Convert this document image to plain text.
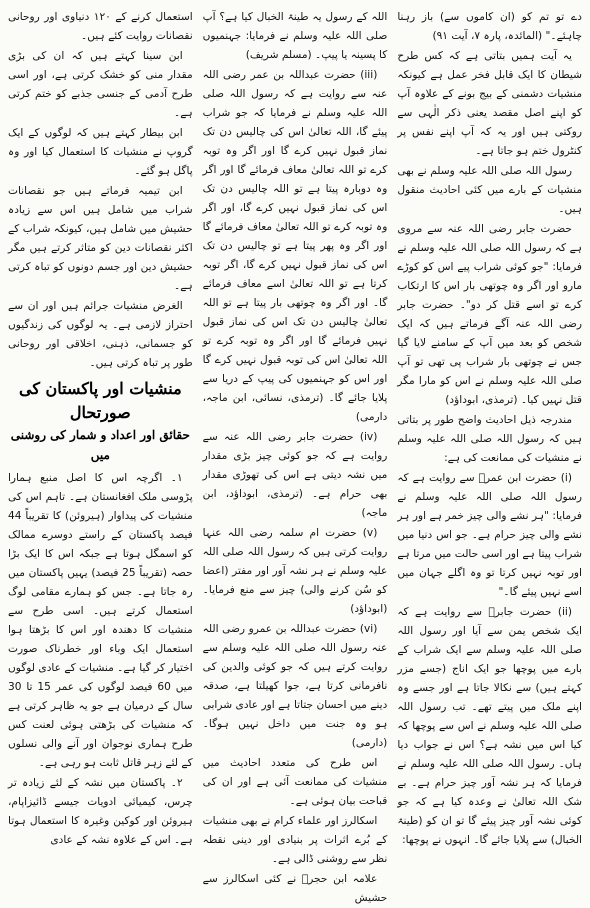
دے تو تم کو (ان کاموں سے) باز رہنا چاہئے۔" (المائدہ، پارہ ۷، آیت ۹۱)

یہ آیت ہمیں بتاتی ہے کہ کس طرح شیطان کا ایک قابل فخر عمل ہے کیونکہ منشیات دشمنی کے بیج بونے کے علاوہ آپ کو اپنے اصل مقصد یعنی ذکر الٰہی سے روکتی ہیں اور یہ کہ آپ اپنے نفس پر کنٹرول ختم ہو جاتا ہے۔

رسول اللہ صلی اللہ علیہ وسلم نے بھی منشیات کے بارے میں کئی احادیث منقول ہیں۔

حضرت جابر رضی اللہ عنہ سے مروی ہے کہ رسول اللہ صلی اللہ علیہ وسلم نے فرمایا: "جو کوئی شراب پیے اس کو کوڑے مارو اور اگر وہ چوتھی بار اس کا ارتکاب کرے تو اسے قتل کر دو"۔ حضرت جابر رضی اللہ عنہ آگے فرماتے ہیں کہ ایک شخص کو بعد میں آپ کے سامنے لایا گیا جس نے چوتھی بار شراب پی تھی تو آپ صلی اللہ علیہ وسلم نے اس کو مارا مگر قتل نہیں کیا۔ (ترمذی، ابوداؤد)

مندرجہ ذیل احادیث واضح طور پر بتاتی ہیں کہ رسول اللہ صلی اللہ علیہ وسلم نے منشیات کی ممانعت کی ہے:

(i) حضرت ابن عمرؓ سے روایت ہے کہ رسول اللہ صلی اللہ علیہ وسلم نے فرمایا: "ہر نشے والی چیز خمر ہے اور ہر نشے والی چیز حرام ہے۔ جو اس دنیا میں شراب پیتا ہے اور اسی حالت میں مرتا ہے اور توبہ نہیں کرتا تو وہ اگلے جہان میں اسے نہیں پیئے گا۔"

(ii) حضرت جابرؓ سے روایت ہے کہ ایک شخص یمن سے آیا اور رسول اللہ صلی اللہ علیہ وسلم سے ایک شراب کے بارے میں پوچھا جو ایک اناج (جسے مزر کہتے ہیں) سے نکالا جاتا ہے اور جسے وہ اپنے ملک میں پیتے تھے۔ تب رسول اللہ صلی اللہ علیہ وسلم نے اس سے پوچھا کہ کیا اس میں نشہ ہے؟ اس نے جواب دیا ہاں۔ رسول اللہ صلی اللہ علیہ وسلم نے فرمایا کہ ہر نشہ آور چیز حرام ہے۔ بے شک اللہ تعالیٰ نے وعدہ کیا ہے کہ جو کوئی نشہ آور چیز پیئے گا تو ان کو (طینۃ الخبال) سے پلایا جائے گا۔ انہوں نے پوچھا:

اللہ کے رسول یہ طینۃ الخبال کیا ہے؟ آپ صلی اللہ علیہ وسلم نے فرمایا: جہنمیوں کا پسینہ یا پیپ۔ (مسلم شریف)

(iii) حضرت عبداللہ بن عمر رضی اللہ عنہ سے روایت ہے کہ رسول اللہ صلی اللہ علیہ وسلم نے فرمایا کہ جو شراب پیئے گا، اللہ تعالیٰ اس کی چالیس دن تک نماز قبول نہیں کرے گا اور اگر وہ توبہ کرے تو اللہ تعالیٰ معاف فرمائے گا اور اگر وہ دوبارہ پیتا ہے تو اللہ چالیس دن تک اس کی نماز قبول نہیں کرے گا، اور اگر وہ توبہ کرے تو اللہ تعالیٰ معاف فرمائے گا اور اگر وہ پھر پیتا ہے تو چالیس دن تک اس کی نماز قبول نہیں کرے گا، اگر توبہ کرتا ہے تو اللہ تعالیٰ اسے معاف فرمائے گا۔ اور اگر وہ چوتھی بار پیتا ہے تو اللہ تعالیٰ چالیس دن تک اس کی نماز قبول نہیں فرمائے گا اور اگر وہ توبہ کرے تو اللہ تعالیٰ اس کی توبہ قبول نہیں کرے گا اور اس کو جہنمیوں کی پیپ کے دریا سے پلایا جائے گا۔ (ترمذی، نسائی، ابن ماجہ، دارمی)

(iv) حضرت جابر رضی اللہ عنہ سے روایت ہے کہ جو کوئی چیز بڑی مقدار میں نشہ دیتی ہے اس کی تھوڑی مقدار بھی حرام ہے۔ (ترمذی، ابوداؤد، ابن ماجہ)

(v) حضرت ام سلمہ رضی اللہ عنہا روایت کرتی ہیں کہ رسول اللہ صلی اللہ علیہ وسلم نے ہر نشہ آور اور مفتر (اعضا کو سُن کرنے والی) چیز سے منع فرمایا۔ (ابوداؤد)

(vi) حضرت عبداللہ بن عمرو رضی اللہ عنہ رسول اللہ صلی اللہ علیہ وسلم سے روایت کرتے ہیں کہ جو کوئی والدین کی نافرمانی کرتا ہے، جوا کھیلتا ہے، صدقہ دینے میں احسان جتاتا ہے اور عادی شرابی ہو وہ جنت میں داخل نہیں ہوگا۔ (دارمی)

اس طرح کی متعدد احادیث میں منشیات کی ممانعت آئی ہے اور ان کی قباحت بیان ہوئی ہے۔

اسکالرز اور علماء کرام نے بھی منشیات کے بُرے اثرات پر بنیادی اور دینی نقطہ نظر سے روشنی ڈالی ہے۔

علامہ ابن حجرؒ نے کئی اسکالرز سے حشیش

استعمال کرنے کے ۱۲۰ دنیاوی اور روحانی نقصانات روایت کئے ہیں۔

ابن سینا کہتے ہیں کہ ان کی بڑی مقدار منی کو خشک کرتی ہے، اور اسی طرح آدمی کے جنسی جذبے کو ختم کرتی ہے۔

ابن بیطار کہتے ہیں کہ لوگوں کے ایک گروپ نے منشیات کا استعمال کیا اور وہ پاگل ہو گئے۔

ابن تیمیہ فرماتے ہیں جو نقصانات شراب میں شامل ہیں اس سے زیادہ حشیش میں شامل ہیں، کیونکہ شراب کے اکثر نقصانات دین کو متاثر کرتے ہیں مگر حشیش دین اور جسم دونوں کو تباہ کرتی ہے۔

الغرض منشیات جرائم ہیں اور ان سے احتراز لازمی ہے۔ یہ لوگوں کی زندگیوں کو جسمانی، ذہنی، اخلاقی اور روحانی طور پر تباہ کرتی ہیں۔

منشیات اور پاکستان کی صورتحال
حقائق اور اعداد و شمار کی روشنی میں

۱۔ اگرچہ اس کا اصل منبع ہمارا پڑوسی ملک افغانستان ہے۔ تاہم اس کی منشیات کی پیداوار (ہیروئن) کا تقریباً 44 فیصد پاکستان کے راستے دوسرے ممالک کو اسمگل ہوتا ہے جبکہ اس کا ایک بڑا حصہ (تقریباً 25 فیصد) یہیں پاکستان میں رہ جاتا ہے۔ جس کو ہمارے مقامی لوگ استعمال کرتے ہیں۔ اسی طرح سے منشیات کا دھندہ اور اس کا بڑھتا ہوا استعمال ایک وباء اور خطرناک صورت اختیار کر گیا ہے۔ منشیات کے عادی لوگوں میں 60 فیصد لوگوں کی عمر 15 تا 30 سال کے درمیان ہے جو یہ ظاہر کرتی ہے کہ منشیات کی بڑھتی ہوئی لعنت کس طرح ہماری نوجوان اور آنے والی نسلوں کے لئے زہر قاتل ثابت ہو رہی ہے۔

۲۔ پاکستان میں نشہ کے لئے زیادہ تر چرس، کیمیائی ادویات جیسے ڈائیزاپام، ہیروئن اور کوکین وغیرہ کا استعمال ہوتا ہے۔ اس کے علاوہ نشہ کے عادی
